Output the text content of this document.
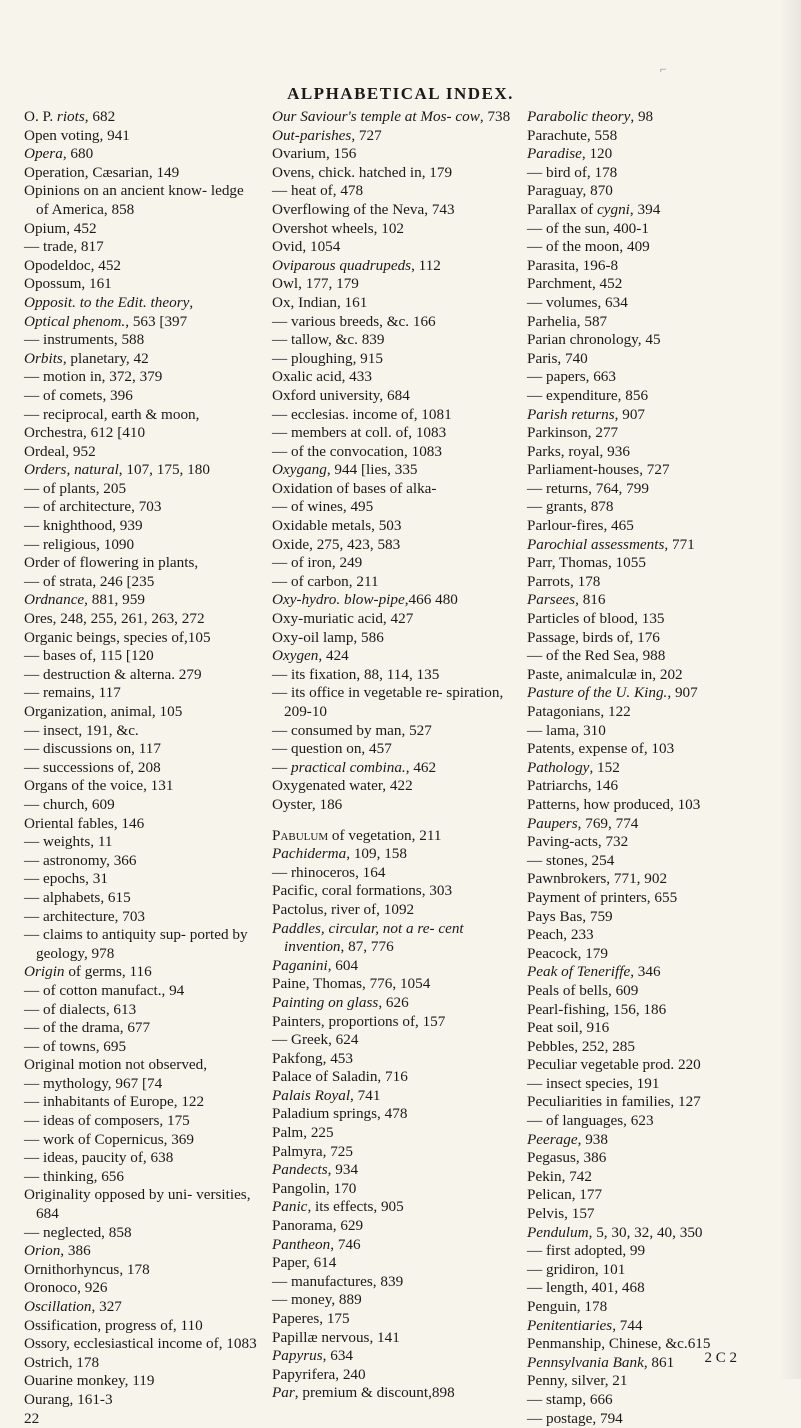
⌐
ALPHABETICAL INDEX.
O. P. riots, 682
Open voting, 941
Opera, 680
Operation, Cæsarian, 149
Opinions on an ancient know- ledge of America, 858
Opium, 452
— trade, 817
Opodeldoc, 452
Opossum, 161
Opposit. to the Edit. theory,
Optical phenom., 563 [397
— instruments, 588
Orbits, planetary, 42
— motion in, 372, 379
— of comets, 396
— reciprocal, earth & moon,
Orchestra, 612 [410
Ordeal, 952
Orders, natural, 107, 175, 180
— of plants, 205
— of architecture, 703
— knighthood, 939
— religious, 1090
Order of flowering in plants,
— of strata, 246 [235
Ordnance, 881, 959
Ores, 248, 255, 261, 263, 272
Organic beings, species of,105
— bases of, 115 [120
— destruction & alterna. 279
— remains, 117
Organization, animal, 105
— insect, 191, &c.
— discussions on, 117
— successions of, 208
Organs of the voice, 131
— church, 609
Oriental fables, 146
— weights, 11
— astronomy, 366
— epochs, 31
— alphabets, 615
— architecture, 703
— claims to antiquity sup- ported by geology, 978
Origin of germs, 116
— of cotton manufact., 94
— of dialects, 613
— of the drama, 677
— of towns, 695
Original motion not observed,
— mythology, 967 [74
— inhabitants of Europe, 122
— ideas of composers, 175
— work of Copernicus, 369
— ideas, paucity of, 638
— thinking, 656
Originality opposed by uni- versities, 684
— neglected, 858
Orion, 386
Ornithorhyncus, 178
Oronoco, 926
Oscillation, 327
Ossification, progress of, 110
Ossory, ecclesiastical income of, 1083
Ostrich, 178
Ouarine monkey, 119
Ourang, 161-3
22
Our Saviour's temple at Mos- cow, 738
Out-parishes, 727
Ovarium, 156
Ovens, chick. hatched in, 179
— heat of, 478
Overflowing of the Neva, 743
Overshot wheels, 102
Ovid, 1054
Oviparous quadrupeds, 112
Owl, 177, 179
Ox, Indian, 161
— various breeds, &c. 166
— tallow, &c. 839
— ploughing, 915
Oxalic acid, 433
Oxford university, 684
— ecclesias. income of, 1081
— members at coll. of, 1083
— of the convocation, 1083
Oxygang, 944 [lies, 335
Oxidation of bases of alka-
— of wines, 495
Oxidable metals, 503
Oxide, 275, 423, 583
— of iron, 249
— of carbon, 211
Oxy-hydro. blow-pipe,466 480
Oxy-muriatic acid, 427
Oxy-oil lamp, 586
Oxygen, 424
— its fixation, 88, 114, 135
— its office in vegetable re- spiration, 209-10
— consumed by man, 527
— question on, 457
— practical combina., 462
Oxygenated water, 422
Oyster, 186
Pabulum of vegetation, 211
Pachiderma, 109, 158
— rhinoceros, 164
Pacific, coral formations, 303
Pactolus, river of, 1092
Paddles, circular, not a re- cent invention, 87, 776
Paganini, 604
Paine, Thomas, 776, 1054
Painting on glass, 626
Painters, proportions of, 157
— Greek, 624
Pakfong, 453
Palace of Saladin, 716
Palais Royal, 741
Paladium springs, 478
Palm, 225
Palmyra, 725
Pandects, 934
Pangolin, 170
Panic, its effects, 905
Panorama, 629
Pantheon, 746
Paper, 614
— manufactures, 839
— money, 889
Paperes, 175
Papillæ nervous, 141
Papyrus, 634
Papyrifera, 240
Par, premium & discount,898
Parabolic theory, 98
Parachute, 558
Paradise, 120
— bird of, 178
Paraguay, 870
Parallax of cygni, 394
— of the sun, 400-1
— of the moon, 409
Parasita, 196-8
Parchment, 452
— volumes, 634
Parhelia, 587
Parian chronology, 45
Paris, 740
— papers, 663
— expenditure, 856
Parish returns, 907
Parkinson, 277
Parks, royal, 936
Parliament-houses, 727
— returns, 764, 799
— grants, 878
Parlour-fires, 465
Parochial assessments, 771
Parr, Thomas, 1055
Parrots, 178
Parsees, 816
Particles of blood, 135
Passage, birds of, 176
— of the Red Sea, 988
Paste, animalculæ in, 202
Pasture of the U. King., 907
Patagonians, 122
— lama, 310
Patents, expense of, 103
Pathology, 152
Patriarchs, 146
Patterns, how produced, 103
Paupers, 769, 774
Paving-acts, 732
— stones, 254
Pawnbrokers, 771, 902
Payment of printers, 655
Pays Bas, 759
Peach, 233
Peacock, 179
Peak of Teneriffe, 346
Peals of bells, 609
Pearl-fishing, 156, 186
Peat soil, 916
Pebbles, 252, 285
Peculiar vegetable prod. 220
— insect species, 191
Peculiarities in families, 127
— of languages, 623
Peerage, 938
Pegasus, 386
Pekin, 742
Pelican, 177
Pelvis, 157
Pendulum, 5, 30, 32, 40, 350
— first adopted, 99
— gridiron, 101
— length, 401, 468
Penguin, 178
Penitentiaries, 744
Penmanship, Chinese, &c.615
Pennsylvania Bank, 861
Penny, silver, 21
— stamp, 666
— postage, 794
2 C 2
